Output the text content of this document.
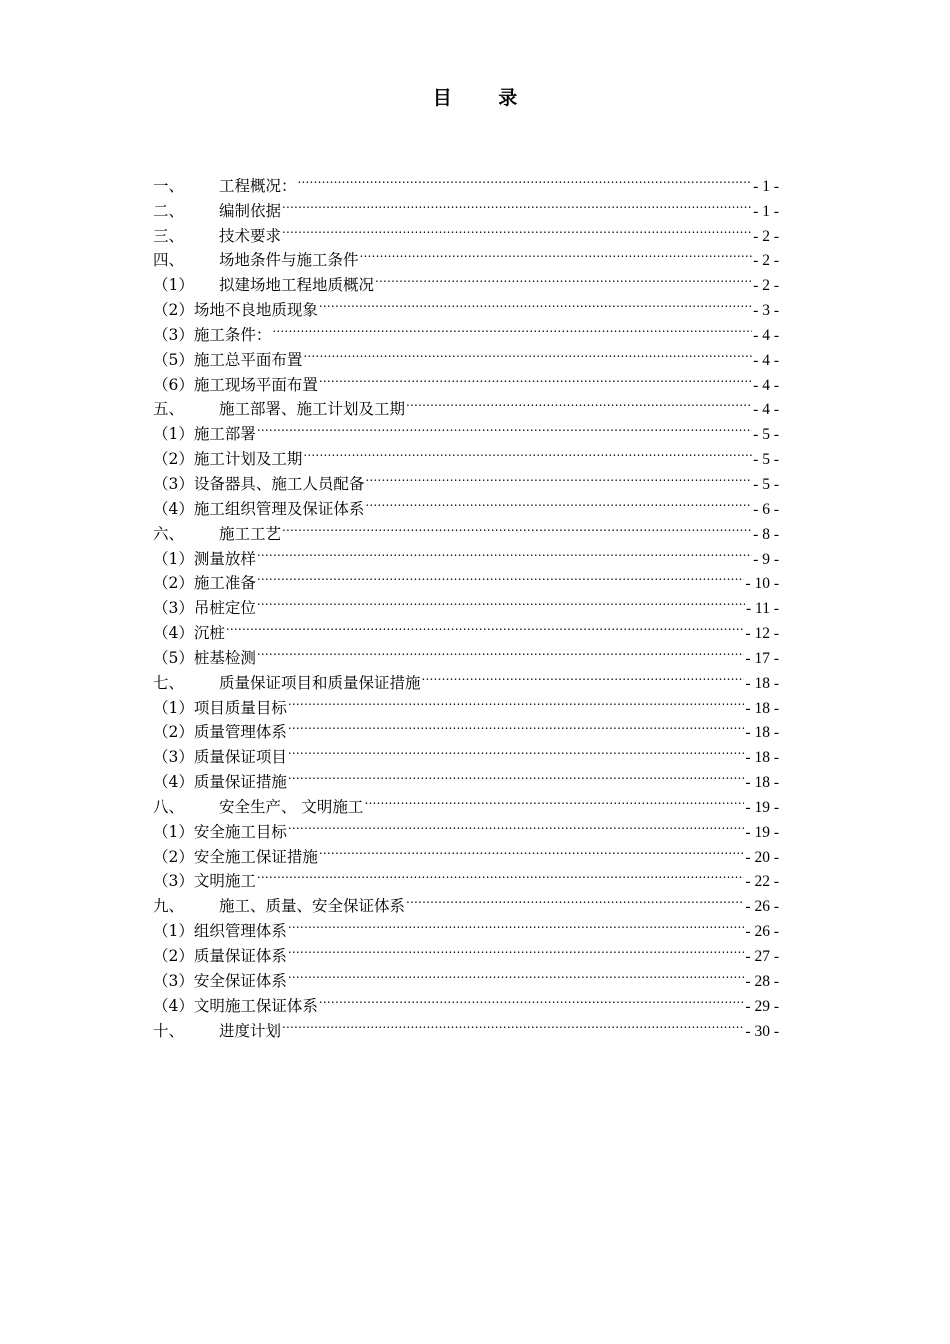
目 录
一、	工程概况： .....	- 1 -
二、	编制依据 .....	- 1 -
三、	技术要求 .....	- 2 -
四、	场地条件与施工条件 .....	- 2 -
（1）	拟建场地工程地质概况 .....	- 2 -
（2） 场地不良地质现象 .....	- 3 -
（3） 施工条件： .....	- 4 -
（5） 施工总平面布置 .....	- 4 -
（6） 施工现场平面布置 .....	- 4 -
五、	施工部署、施工计划及工期 .....	- 4 -
（1） 施工部署 .....	- 5 -
（2） 施工计划及工期 .....	- 5 -
（3） 设备器具、施工人员配备 .....	- 5 -
（4） 施工组织管理及保证体系 .....	- 6 -
六、	施工工艺 .....	- 8 -
（1） 测量放样 .....	- 9 -
（2） 施工准备 .....	- 10 -
（3） 吊桩定位 .....	- 11 -
（4） 沉桩 .....	- 12 -
（5） 桩基检测 .....	- 17 -
七、	质量保证项目和质量保证措施 .....	- 18 -
（1） 项目质量目标 .....	- 18 -
（2） 质量管理体系 .....	- 18 -
（3） 质量保证项目 .....	- 18 -
（4） 质量保证措施 .....	- 18 -
八、	安全生产、 文明施工 .....	- 19 -
（1） 安全施工目标 .....	- 19 -
（2） 安全施工保证措施 .....	- 20 -
（3） 文明施工 .....	- 22 -
九、	施工、质量、安全保证体系 .....	- 26 -
（1） 组织管理体系 .....	- 26 -
（2） 质量保证体系 .....	- 27 -
（3） 安全保证体系 .....	- 28 -
（4） 文明施工保证体系 .....	- 29 -
十、	进度计划 .....	- 30 -
